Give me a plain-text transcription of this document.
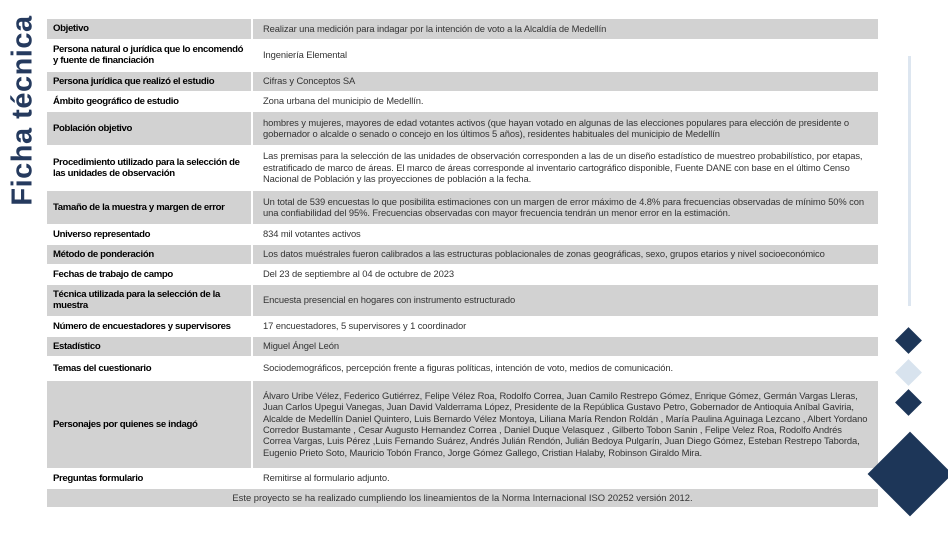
Ficha técnica Objetivo	Realizar una medición para indagar por la intención de voto a la Alcaldía de Medellín
Persona natural o jurídica que lo encomendó y fuente de financiación	Ingeniería Elemental
Persona jurídica que realizó el estudio	Cifras y Conceptos SA
Ámbito geográfico de estudio	Zona urbana del municipio de Medellín.
Población objetivo	hombres y mujeres, mayores de edad votantes activos (que hayan votado en algunas de las elecciones populares para elección de presidente o gobernador o alcalde o senado o concejo en los últimos 5 años), residentes habituales del municipio de Medellín
Procedimiento utilizado para la selección de las unidades de observación	Las premisas para la selección de las unidades de observación corresponden a las de un diseño estadístico de muestreo probabilístico, por etapas, estratificado de marco de áreas. El marco de áreas corresponde al inventario cartográfico disponible, Fuente DANE con base en el último Censo Nacional de Población y las proyecciones de población a la fecha.
Tamaño de la muestra y margen de error	Un total de 539 encuestas lo que posibilita estimaciones con un margen de error máximo de 4.8% para frecuencias observadas de mínimo 50% con una confiabilidad del 95%. Frecuencias observadas con mayor frecuencia tendrán un menor error en la estimación.
Universo representado	834 mil votantes activos
Método de ponderación	Los datos muéstrales fueron calibrados a las estructuras poblacionales de zonas geográficas, sexo, grupos etarios y nivel socioeconómico
Fechas de trabajo de campo	Del 23 de septiembre al 04 de octubre de 2023
Técnica utilizada para la selección de la muestra	Encuesta presencial en hogares con instrumento estructurado
Número de encuestadores y supervisores	17 encuestadores, 5 supervisores y 1 coordinador
Estadístico	Miguel Ángel León
Temas del cuestionario	Sociodemográficos, percepción frente a figuras políticas, intención de voto, medios de comunicación.
Personajes por quienes se indagó	Álvaro Uribe Vélez, Federico Gutiérrez, Felipe Vélez Roa, Rodolfo Correa, Juan Camilo Restrepo Gómez, Enrique Gómez, Germán Vargas Lleras, Juan Carlos Upegui Vanegas, Juan David Valderrama López, Presidente de la República Gustavo Petro, Gobernador de Antioquia Aníbal Gaviria, Alcalde de Medellín Daniel Quintero, Luis Bernardo Vélez Montoya, Liliana María Rendon Roldán , María Paulina Aguinaga Lezcano , Albert Yordano Corredor Bustamante , Cesar Augusto Hernandez Correa , Daniel Duque Velasquez , Gilberto Tobon Sanin , Felipe Velez Roa, Rodolfo Andrés Correa Vargas, Luis Pérez ,Luis Fernando Suárez, Andrés Julián Rendón, Julián Bedoya Pulgarín, Juan Diego Gómez, Esteban Restrepo Taborda, Eugenio Prieto Soto, Mauricio Tobón Franco, Jorge Gómez Gallego, Cristian Halaby, Robinson Giraldo Mira.
Preguntas formulario	Remitirse al formulario adjunto.
Este proyecto se ha realizado cumpliendo los lineamientos de la Norma Internacional ISO 20252 versión 2012.	
